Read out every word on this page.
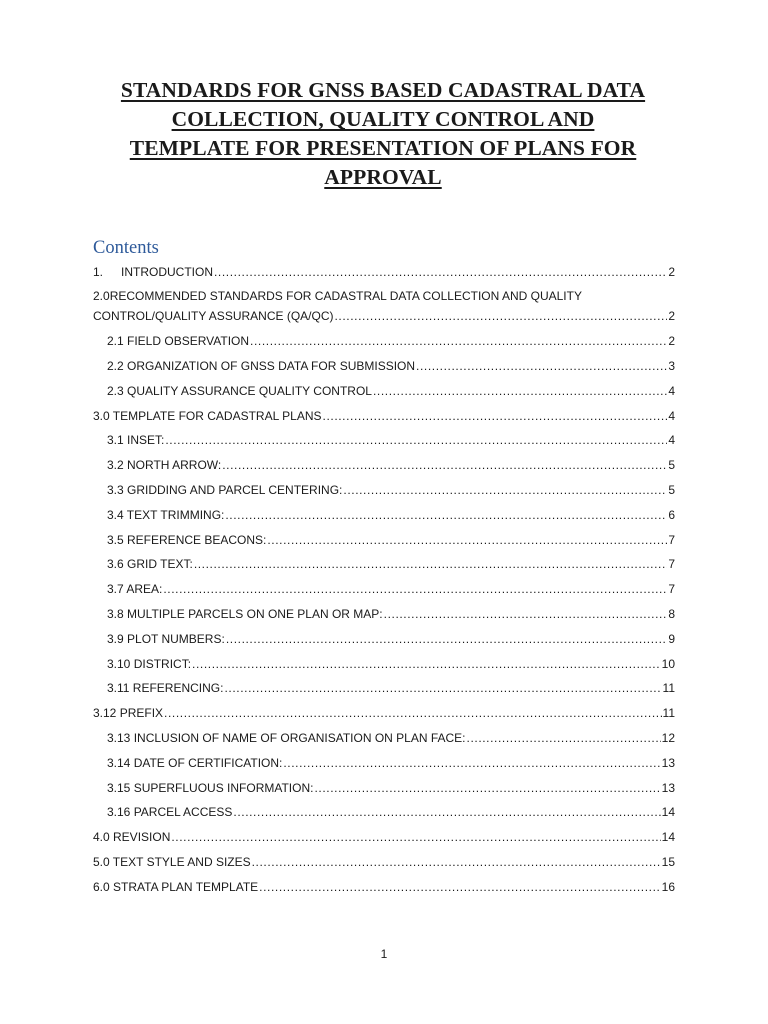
STANDARDS FOR GNSS BASED CADASTRAL DATA
COLLECTION, QUALITY CONTROL AND
TEMPLATE FOR PRESENTATION OF PLANS FOR
APPROVAL
Contents
1. INTRODUCTION .....	2
2.0RECOMMENDED STANDARDS FOR CADASTRAL DATA COLLECTION AND QUALITY
CONTROL/QUALITY ASSURANCE (QA/QC) .....	2
2.1 FIELD OBSERVATION .....	2
2.2 ORGANIZATION OF GNSS DATA FOR SUBMISSION .....	3
2.3 QUALITY ASSURANCE QUALITY CONTROL .....	4
3.0 TEMPLATE FOR CADASTRAL PLANS .....	4
3.1 INSET: .....	4
3.2 NORTH ARROW: .....	5
3.3 GRIDDING AND PARCEL CENTERING: .....	5
3.4 TEXT TRIMMING: .....	6
3.5 REFERENCE BEACONS: .....	7
3.6 GRID TEXT: .....	7
3.7 AREA: .....	7
3.8 MULTIPLE PARCELS ON ONE PLAN OR MAP: .....	8
3.9 PLOT NUMBERS: .....	9
3.10 DISTRICT: .....	10
3.11 REFERENCING: .....	11
3.12 PREFIX .....	11
3.13 INCLUSION OF NAME OF ORGANISATION ON PLAN FACE: .....	12
3.14 DATE OF CERTIFICATION: .....	13
3.15 SUPERFLUOUS INFORMATION: .....	13
3.16 PARCEL ACCESS .....	14
4.0 REVISION .....	14
5.0 TEXT STYLE AND SIZES .....	15
6.0 STRATA PLAN TEMPLATE .....	16
1
